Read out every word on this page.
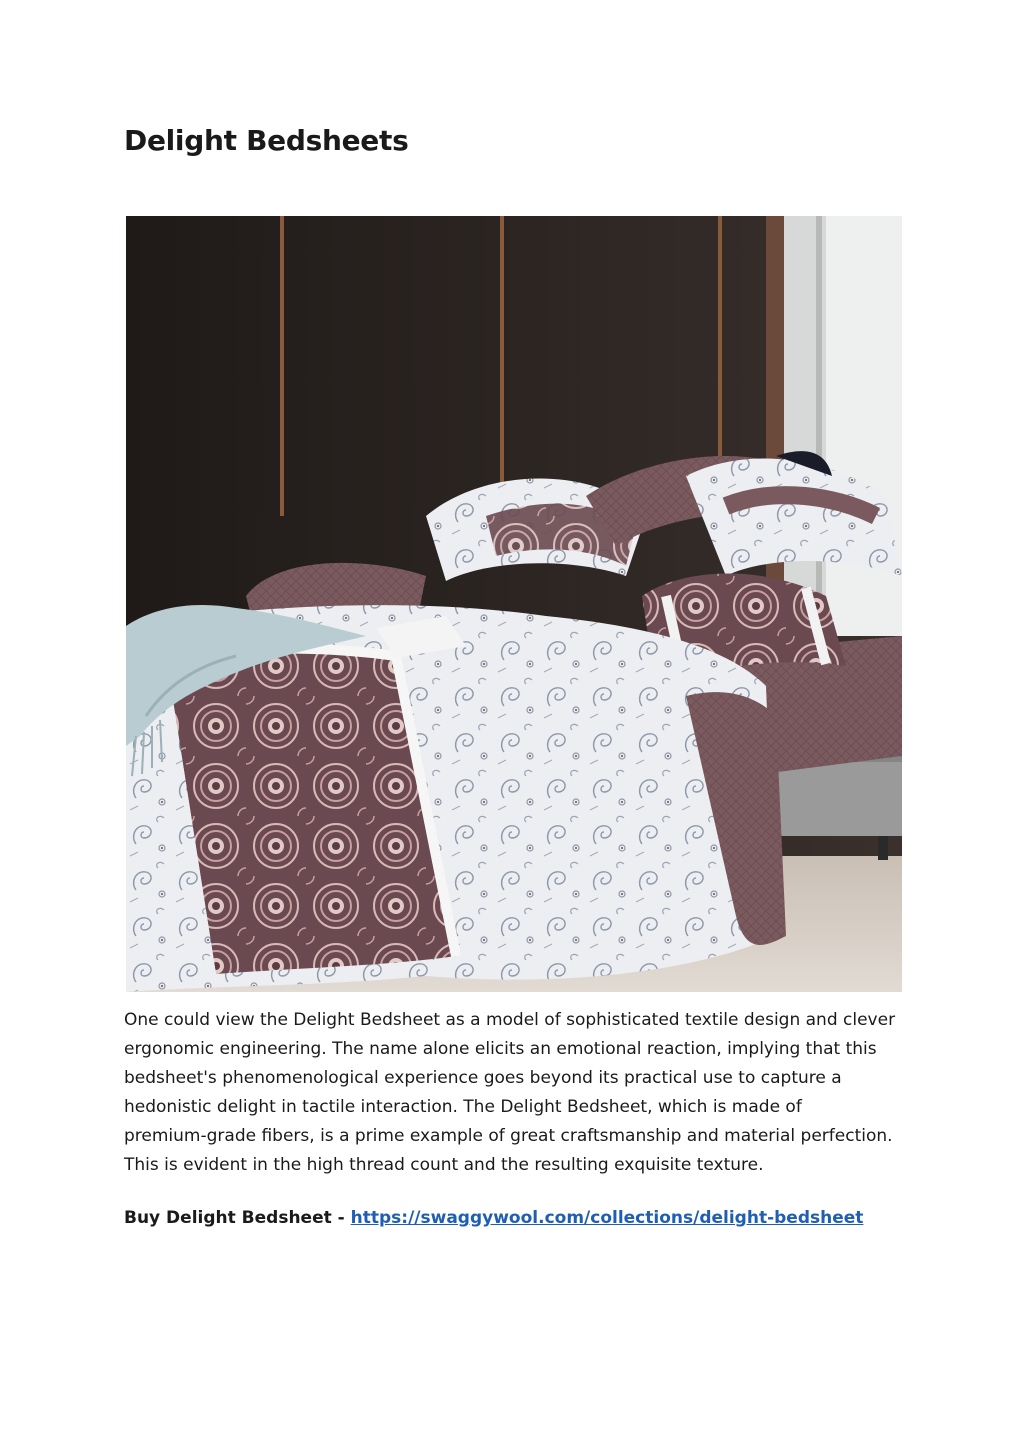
Delight Bedsheets
One could view the Delight Bedsheet as a model of sophisticated textile design and clever
ergonomic engineering. The name alone elicits an emotional reaction, implying that this
bedsheet's phenomenological experience goes beyond its practical use to capture a
hedonistic delight in tactile interaction. The Delight Bedsheet, which is made of
premium-grade fibers, is a prime example of great craftsmanship and material perfection.
This is evident in the high thread count and the resulting exquisite texture.

Buy Delight Bedsheet - https://swaggywool.com/collections/delight-bedsheet
